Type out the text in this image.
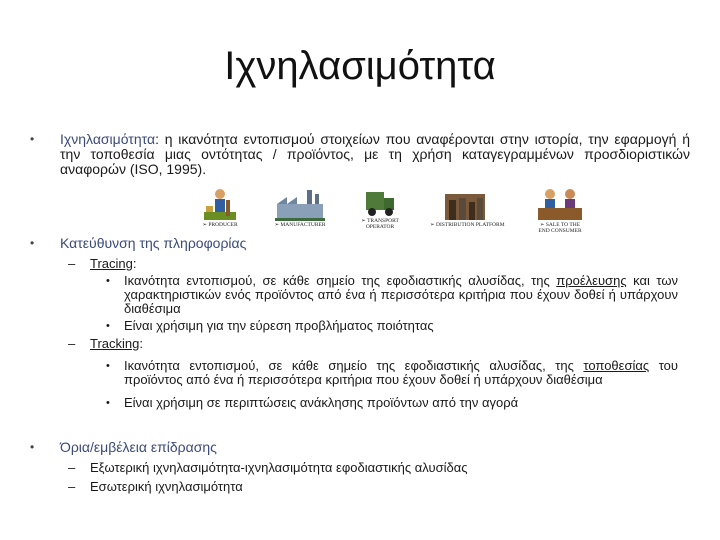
Ιχνηλασιμότητα
• Ιχνηλασιμότητα: η ικανότητα εντοπισμού στοιχείων που αναφέρονται στην ιστορία, την εφαρμογή ή την τοποθεσία μιας οντότητας / προϊόντος, με τη χρήση καταγεγραμμένων προσδιοριστικών αναφορών (ISO, 1995).
➢ PRODUCER	➢ MANUFACTURER
➢ TRANSPORT
OPERATOR	➢ DISTRIBUTION PLATFORM	➢ SALE TO THE
END CONSUMER
• Κατεύθυνση της πληροφορίας
– Tracing:
• Ικανότητα εντοπισμού, σε κάθε σημείο της εφοδιαστικής αλυσίδας, της προέλευσης και των χαρακτηριστικών ενός προϊόντος από ένα ή περισσότερα κριτήρια που έχουν δοθεί ή υπάρχουν διαθέσιμα
• Είναι χρήσιμη για την εύρεση προβλήματος ποιότητας
– Tracking:
• Ικανότητα εντοπισμού, σε κάθε σημείο της εφοδιαστικής αλυσίδας, της τοποθεσίας του προϊόντος από ένα ή περισσότερα κριτήρια που έχουν δοθεί ή υπάρχουν διαθέσιμα
• Είναι χρήσιμη σε περιπτώσεις ανάκλησης προϊόντων από την αγορά
• Όρια/εμβέλεια επίδρασης
– Εξωτερική ιχνηλασιμότητα-ιχνηλασιμότητα εφοδιαστικής αλυσίδας
– Εσωτερική ιχνηλασιμότητα
